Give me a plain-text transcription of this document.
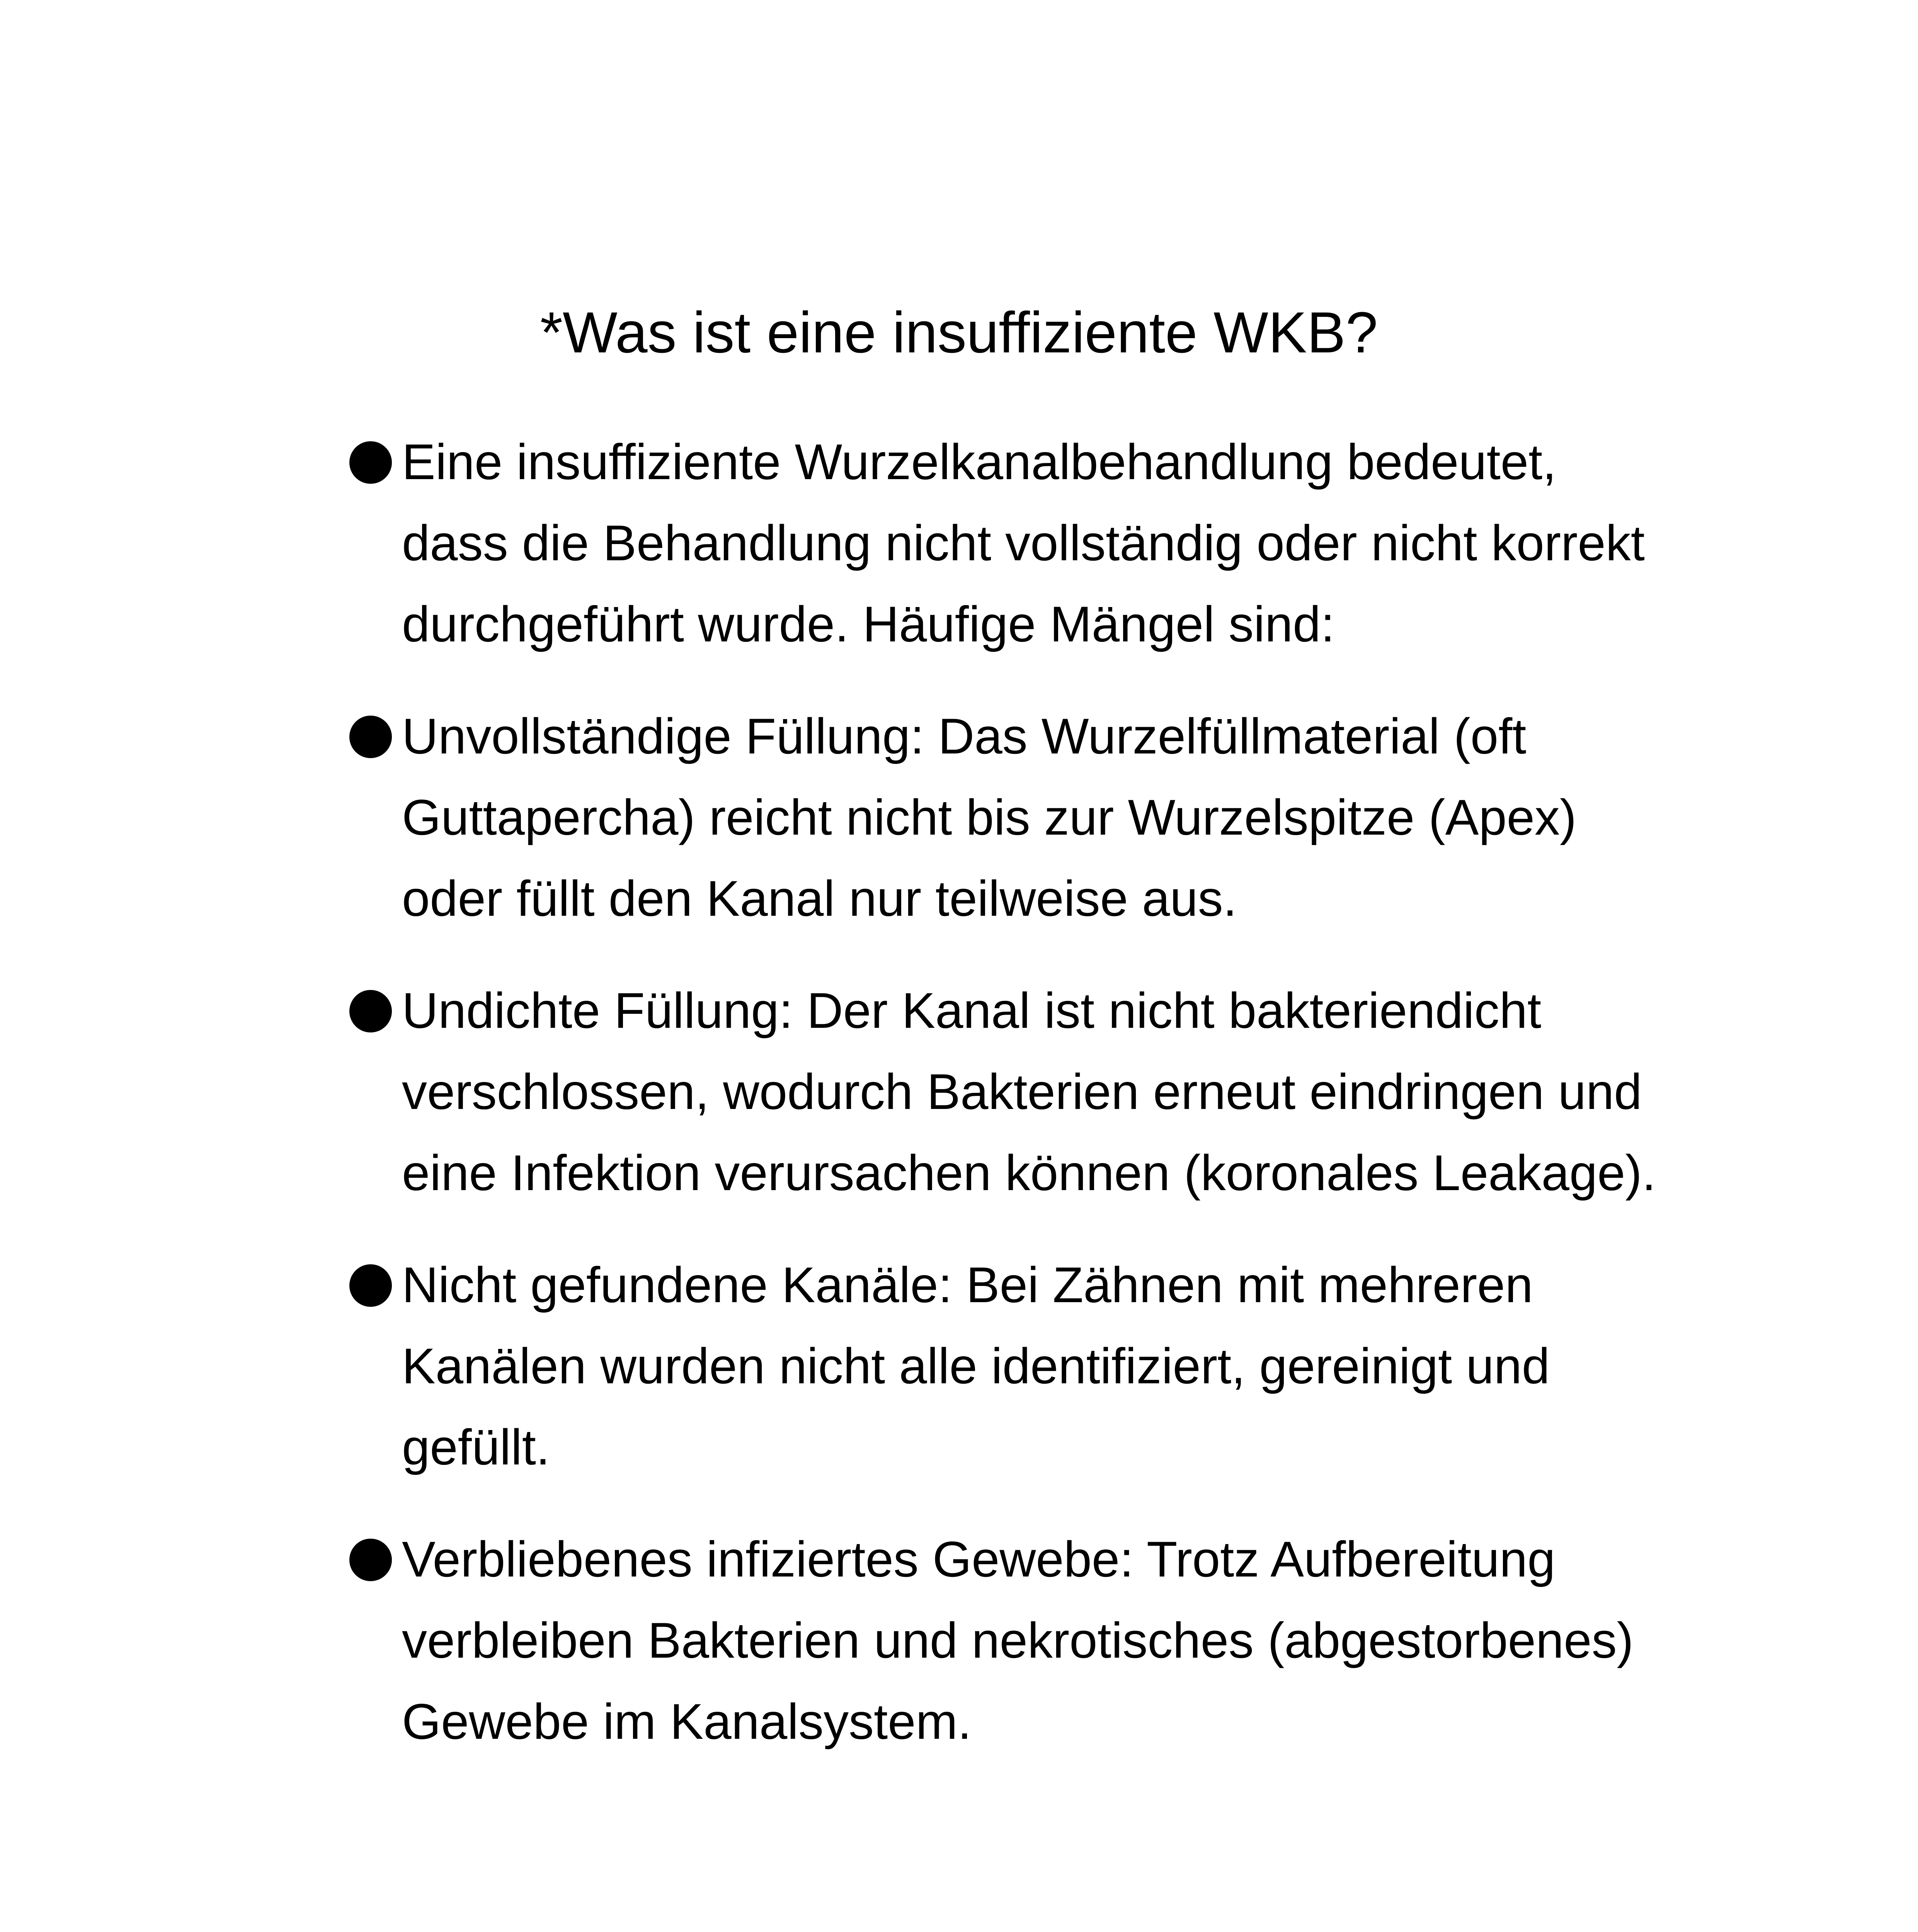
*Was ist eine insuffiziente WKB?
Eine insuffiziente Wurzelkanalbehandlung bedeutet, dass die Behandlung nicht vollständig oder nicht korrekt durchgeführt wurde. Häufige Mängel sind:
Unvollständige Füllung: Das Wurzelfüllmaterial (oft Guttapercha) reicht nicht bis zur Wurzelspitze (Apex) oder füllt den Kanal nur teilweise aus.
Undichte Füllung: Der Kanal ist nicht bakteriendicht verschlossen, wodurch Bakterien erneut eindringen und eine Infektion verursachen können (koronales Leakage).
Nicht gefundene Kanäle: Bei Zähnen mit mehreren Kanälen wurden nicht alle identifiziert, gereinigt und gefüllt.
Verbliebenes infiziertes Gewebe: Trotz Aufbereitung verbleiben Bakterien und nekrotisches (abgestorbenes) Gewebe im Kanalsystem.
